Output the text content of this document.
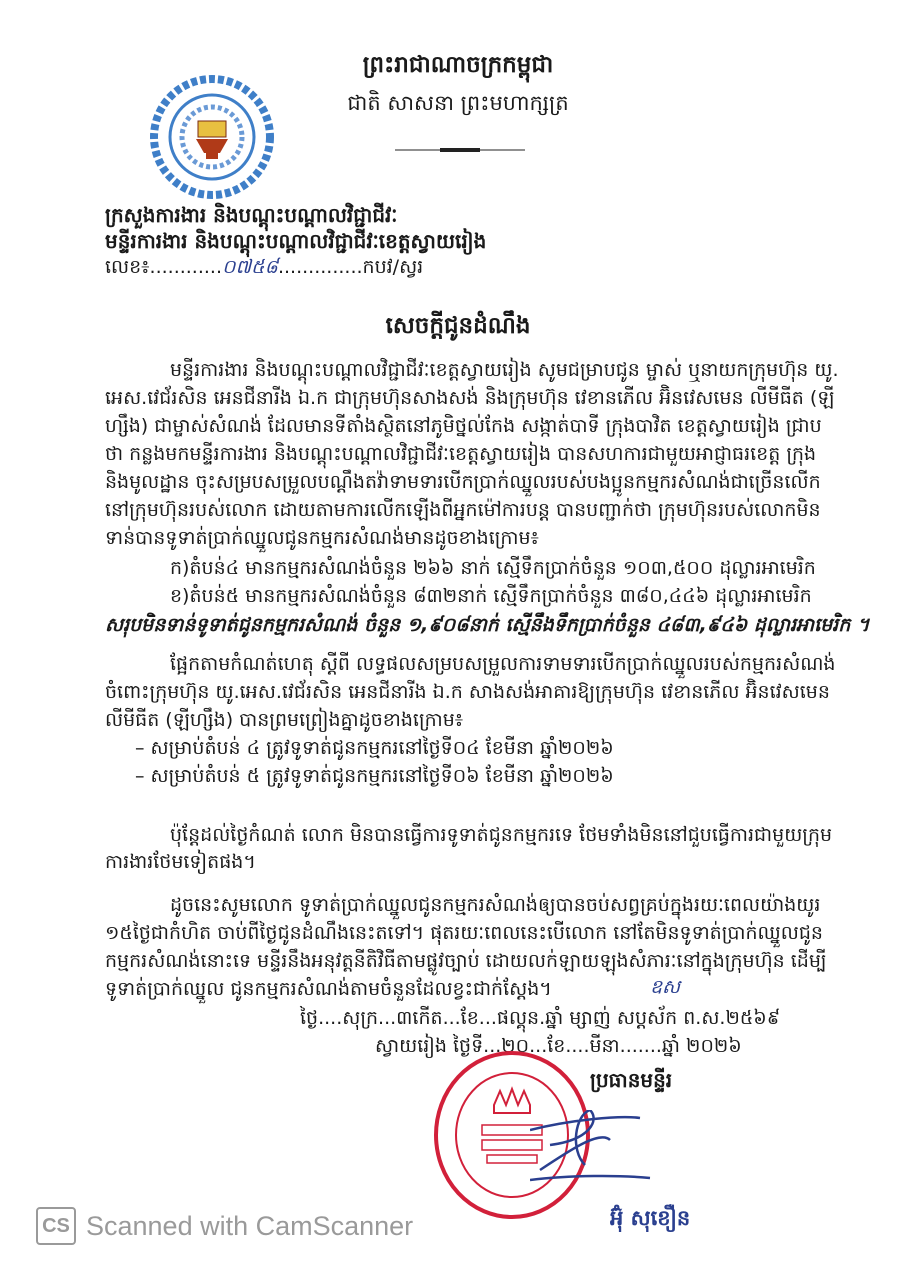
ព្រះរាជាណាចក្រកម្ពុជា
ជាតិ សាសនា ព្រះមហាក្សត្រ
ក្រសួងការងារ និងបណ្តុះបណ្តាលវិជ្ជាជីវៈ
មន្ទីរការងារ និងបណ្តុះបណ្តាលវិជ្ជាជីវៈខេត្តស្វាយរៀង
លេខ៖............០៧៥៨..............កបវ/ស្វរ
សេចក្តីជូនដំណឹង
មន្ទីរការងារ និងបណ្តុះបណ្តាលវិជ្ជាជីវៈខេត្តស្វាយរៀង សូមជម្រាបជូន ម្ចាស់ ឬនាយកក្រុមហ៊ុន យូ.
អេស.វេជ័រសិន អេនជីនារីង ឯ.ក ជាក្រុមហ៊ុនសាងសង់ និងក្រុមហ៊ុន វេខានភើល អ៊ិនវេសមេន លីមីធីត (ឡី
ហ្សឹង) ជាម្ចាស់សំណង់ ដែលមានទីតាំងស្ថិតនៅភូមិថ្នល់កែង សង្កាត់បាទី ក្រុងបាវិត ខេត្តស្វាយរៀង ជ្រាប
ថា កន្លងមកមន្ទីរការងារ និងបណ្តុះបណ្តាលវិជ្ជាជីវៈខេត្តស្វាយរៀង បានសហការជាមួយអាជ្ញាធរខេត្ត ក្រុង
និងមូលដ្ឋាន ចុះសម្របសម្រួលបណ្តឹងតវ៉ាទាមទារបើកប្រាក់ឈ្នួលរបស់បងប្អូនកម្មករសំណង់ជាច្រើនលើក
នៅក្រុមហ៊ុនរបស់លោក ដោយតាមការលើកឡើងពីអ្នកម៉ៅការបន្ត បានបញ្ជាក់ថា ក្រុមហ៊ុនរបស់លោកមិន
ទាន់បានទូទាត់ប្រាក់ឈ្នួលជូនកម្មករសំណង់មានដូចខាងក្រោម៖
ក)តំបន់៤ មានកម្មករសំណង់ចំនួន ២៦៦ នាក់ ស្មើទឹកប្រាក់ចំនួន ១០៣,៥០០ ដុល្លារអាមេរិក
ខ)តំបន់៥ មានកម្មករសំណង់ចំនួន ៨៣២នាក់ ស្មើទឹកប្រាក់ចំនួន ៣៨០,៤៤៦ ដុល្លារអាមេរិក
សរុបមិនទាន់ទូទាត់ជូនកម្មករសំណង់ ចំនួន ១,៩០៨នាក់ ស្មើនឹងទឹកប្រាក់ចំនួន ៤៨៣,៩៤៦ ដុល្លារអាមេរិក ។
ផ្អែកតាមកំណត់ហេតុ ស្តីពី លទ្ធផលសម្របសម្រួលការទាមទារបើកប្រាក់ឈ្នួលរបស់កម្មករសំណង់
ចំពោះក្រុមហ៊ុន យូ.អេស.វេជ័រសិន អេនជីនារីង ឯ.ក សាងសង់អាគារឱ្យក្រុមហ៊ុន វេខានភើល អ៊ិនវេសមេន
លីមីធីត (ឡីហ្សឹង) បានព្រមព្រៀងគ្នាដូចខាងក្រោម៖
– សម្រាប់តំបន់ ៤ ត្រូវទូទាត់ជូនកម្មករនៅថ្ងៃទី០៤ ខែមីនា ឆ្នាំ២០២៦
– សម្រាប់តំបន់ ៥ ត្រូវទូទាត់ជូនកម្មករនៅថ្ងៃទី០៦ ខែមីនា ឆ្នាំ២០២៦
ប៉ុន្តែដល់ថ្ងៃកំណត់ លោក មិនបានធ្វើការទូទាត់ជូនកម្មករទេ ថែមទាំងមិននៅជួបធ្វើការជាមួយក្រុម
ការងារថែមទៀតផង។
ដូចនេះសូមលោក ទូទាត់ប្រាក់ឈ្នួលជូនកម្មករសំណង់ឲ្យបានចប់សព្វគ្រប់ក្នុងរយៈពេលយ៉ាងយូរ
១៥ថ្ងៃជាកំហិត ចាប់ពីថ្ងៃជូនដំណឹងនេះតទៅ។ ផុតរយៈពេលនេះបើលោក នៅតែមិនទូទាត់ប្រាក់ឈ្នួលជូន
កម្មករសំណង់នោះទេ មន្ទីរនឹងអនុវត្តនីតិវិធីតាមផ្លូវច្បាប់ ដោយលក់ឡាយឡុងសំភារៈនៅក្នុងក្រុមហ៊ុន ដើម្បី
ទូទាត់ប្រាក់ឈ្នួល ជូនកម្មករសំណង់តាមចំនួនដែលខ្វះជាក់ស្តែង។	ឧស
ថ្ងៃ....សុក្រ...៣កើត...ខែ...ផល្គុន.ឆ្នាំ ម្សាញ់ សប្តស័ក ព.ស.២៥៦៩
ស្វាយរៀង ថ្ងៃទី...២០...ខែ....មីនា.......ឆ្នាំ ២០២៦
ប្រធានមន្ទីរ
អ៊ុំ សុខឿន
CS Scanned with CamScanner
